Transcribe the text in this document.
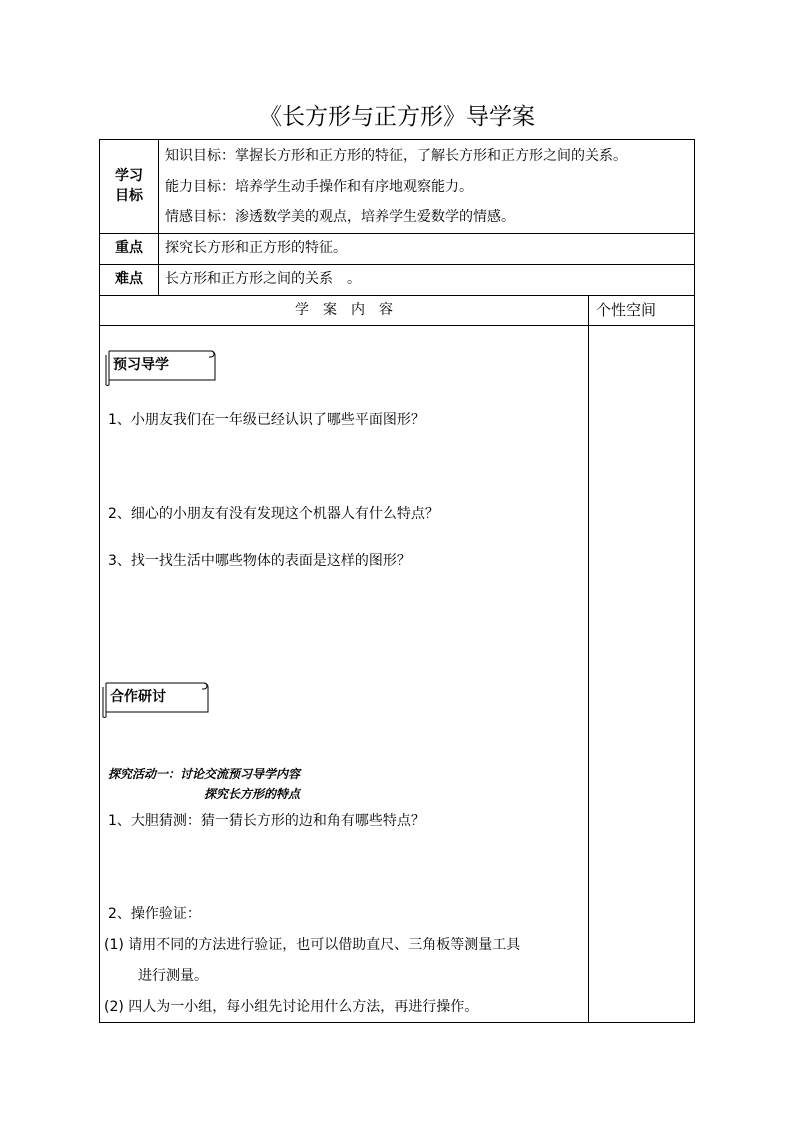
《长方形与正方形》导学案
学习
目标
知识目标：掌握长方形和正方形的特征，了解长方形和正方形之间的关系。
能力目标：培养学生动手操作和有序地观察能力。
情感目标：渗透数学美的观点，培养学生爱数学的情感。
重点	探究长方形和正方形的特征。
难点	长方形和正方形之间的关系　。
学　案　内　容	个性空间
预习导学
1、小朋友我们在一年级已经认识了哪些平面图形？
2、细心的小朋友有没有发现这个机器人有什么特点？
3、找一找生活中哪些物体的表面是这样的图形？
合作研讨
探究活动一：讨论交流预习导学内容
探究长方形的特点
1、大胆猜测：猜一猜长方形的边和角有哪些特点？
2、操作验证：
(1) 请用不同的方法进行验证，也可以借助直尺、三角板等测量工具
进行测量。
(2) 四人为一小组，每小组先讨论用什么方法，再进行操作。
